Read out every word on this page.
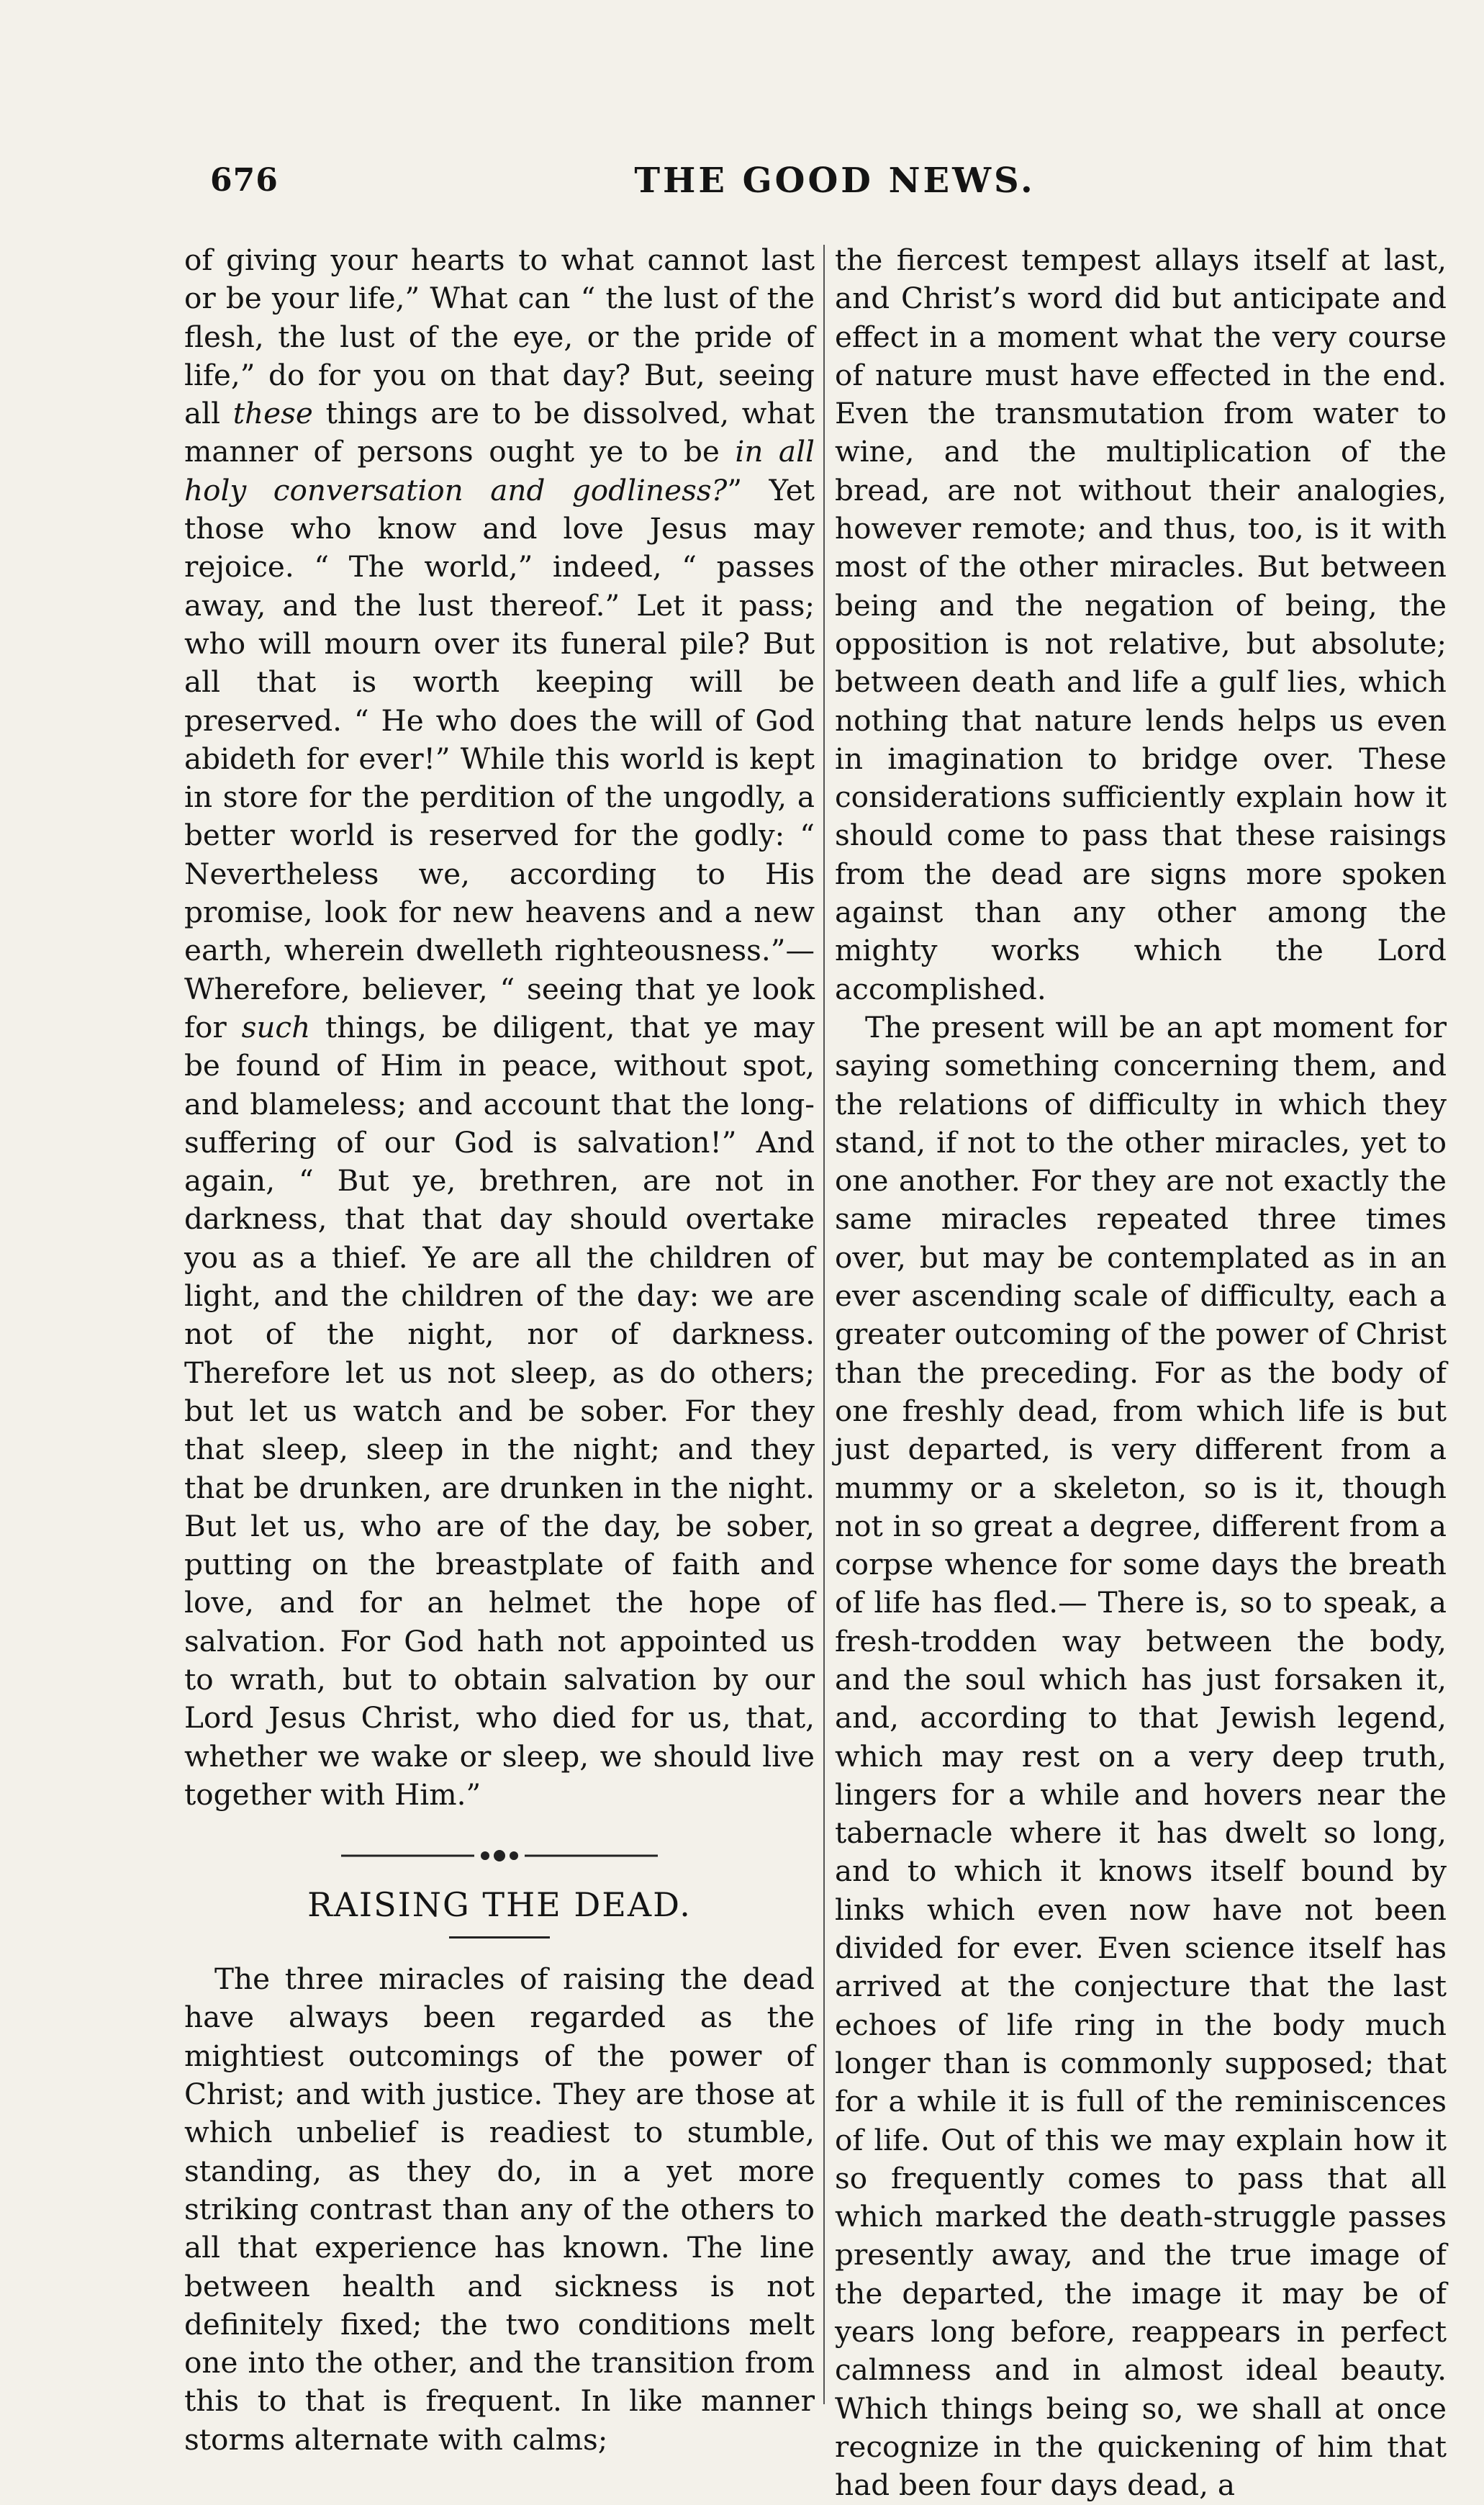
676	THE GOOD NEWS.

of giving your hearts to what cannot last or be your life,” What can “ the lust of the flesh, the lust of the eye, or the pride of life,” do for you on that day? But, seeing all these things are to be dissolved, what manner of persons ought ye to be in all holy conversation and godliness?” Yet those who know and love Jesus may rejoice. “ The world,” indeed, “ passes away, and the lust thereof.” Let it pass; who will mourn over its funeral pile? But all that is worth keeping will be preserved. “ He who does the will of God abideth for ever!” While this world is kept in store for the perdition of the ungodly, a better world is reserved for the godly: “ Nevertheless we, according to His promise, look for new heavens and a new earth, wherein dwelleth righteousness.”— Wherefore, believer, “ seeing that ye look for such things, be diligent, that ye may be found of Him in peace, without spot, and blameless; and account that the long-suffering of our God is salvation!” And again, “ But ye, brethren, are not in darkness, that that day should overtake you as a thief. Ye are all the children of light, and the children of the day: we are not of the night, nor of darkness. Therefore let us not sleep, as do others; but let us watch and be sober. For they that sleep, sleep in the night; and they that be drunken, are drunken in the night. But let us, who are of the day, be sober, putting on the breastplate of faith and love, and for an helmet the hope of salvation. For God hath not appointed us to wrath, but to obtain salvation by our Lord Jesus Christ, who died for us, that, whether we wake or sleep, we should live together with Him.”

RAISING THE DEAD.

The three miracles of raising the dead have always been regarded as the mightiest outcomings of the power of Christ; and with justice. They are those at which unbelief is readiest to stumble, standing, as they do, in a yet more striking contrast than any of the others to all that experience has known. The line between health and sickness is not definitely fixed; the two conditions melt one into the other, and the transition from this to that is frequent. In like manner storms alternate with calms;

the fiercest tempest allays itself at last, and Christ’s word did but anticipate and effect in a moment what the very course of nature must have effected in the end. Even the transmutation from water to wine, and the multiplication of the bread, are not without their analogies, however remote; and thus, too, is it with most of the other miracles. But between being and the negation of being, the opposition is not relative, but absolute; between death and life a gulf lies, which nothing that nature lends helps us even in imagination to bridge over. These considerations sufficiently explain how it should come to pass that these raisings from the dead are signs more spoken against than any other among the mighty works which the Lord accomplished.

The present will be an apt moment for saying something concerning them, and the relations of difficulty in which they stand, if not to the other miracles, yet to one another. For they are not exactly the same miracles repeated three times over, but may be contemplated as in an ever ascending scale of difficulty, each a greater outcoming of the power of Christ than the preceding. For as the body of one freshly dead, from which life is but just departed, is very different from a mummy or a skeleton, so is it, though not in so great a degree, different from a corpse whence for some days the breath of life has fled.— There is, so to speak, a fresh-trodden way between the body, and the soul which has just forsaken it, and, according to that Jewish legend, which may rest on a very deep truth, lingers for a while and hovers near the tabernacle where it has dwelt so long, and to which it knows itself bound by links which even now have not been divided for ever. Even science itself has arrived at the conjecture that the last echoes of life ring in the body much longer than is commonly supposed; that for a while it is full of the reminiscences of life. Out of this we may explain how it so frequently comes to pass that all which marked the death-struggle passes presently away, and the true image of the departed, the image it may be of years long before, reappears in perfect calmness and in almost ideal beauty. Which things being so, we shall at once recognize in the quickening of him that had been four days dead, a
